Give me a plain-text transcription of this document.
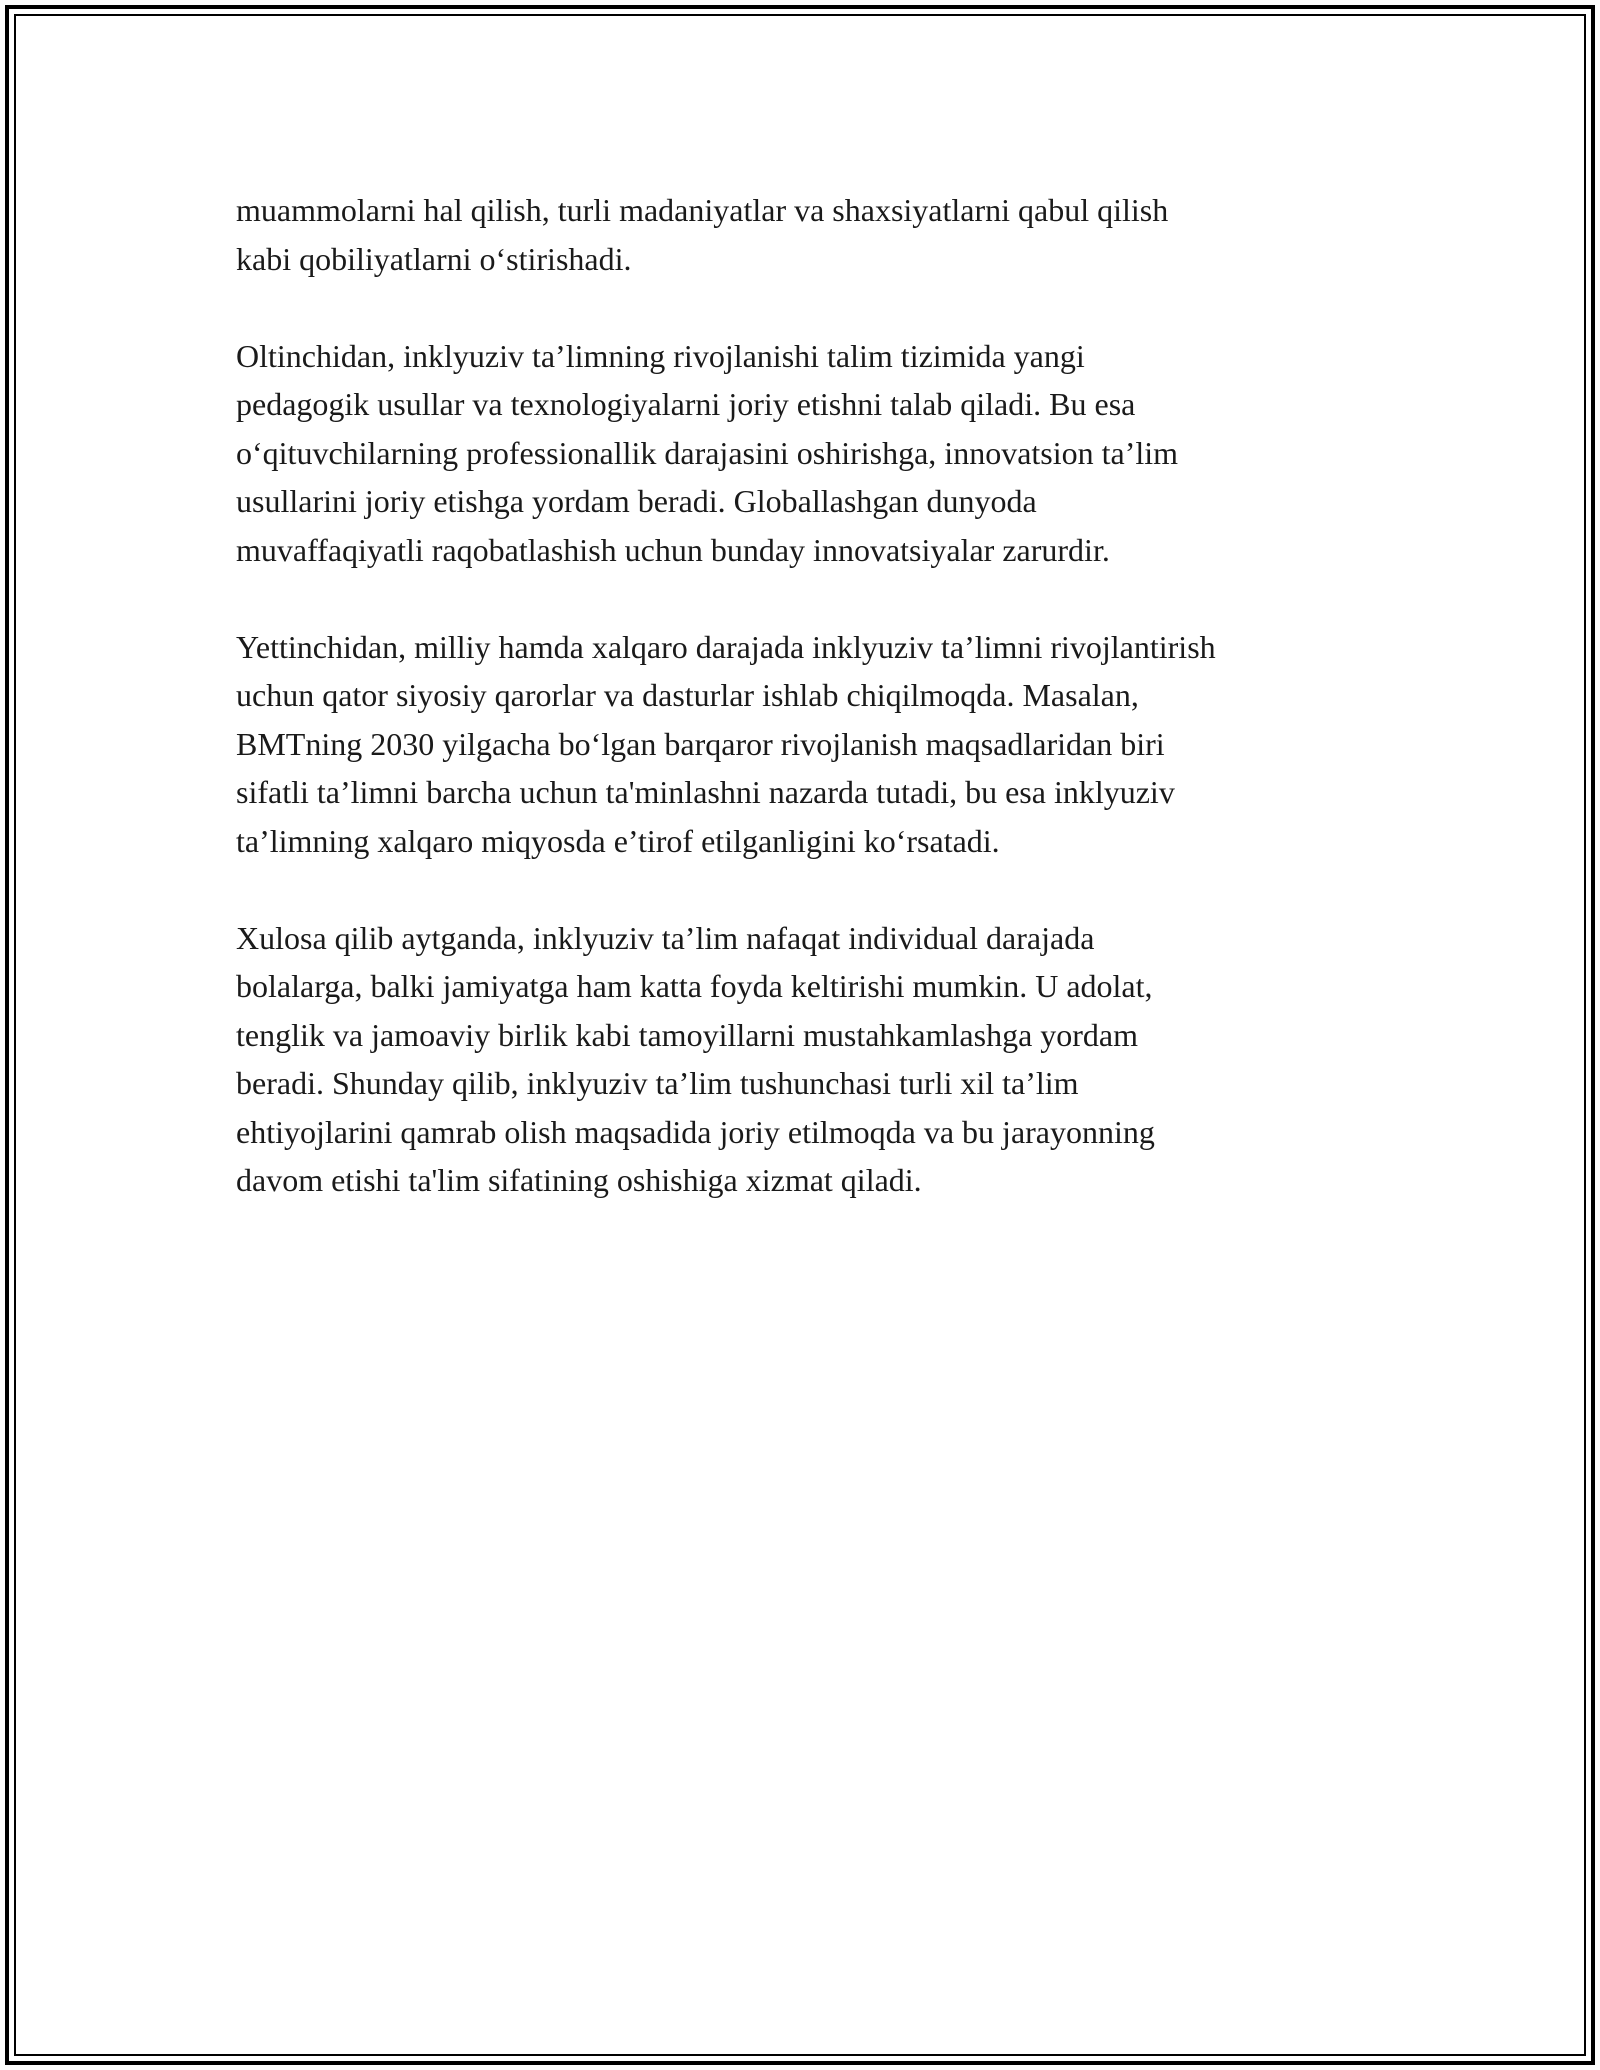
muammolarni hal qilish, turli madaniyatlar va shaxsiyatlarni qabul qilish
kabi qobiliyatlarni o‘stirishadi.

Oltinchidan, inklyuziv ta’limning rivojlanishi talim tizimida yangi
pedagogik usullar va texnologiyalarni joriy etishni talab qiladi. Bu esa
o‘qituvchilarning professionallik darajasini oshirishga, innovatsion ta’lim
usullarini joriy etishga yordam beradi. Globallashgan dunyoda
muvaffaqiyatli raqobatlashish uchun bunday innovatsiyalar zarurdir.

Yettinchidan, milliy hamda xalqaro darajada inklyuziv ta’limni rivojlantirish
uchun qator siyosiy qarorlar va dasturlar ishlab chiqilmoqda. Masalan,
BMTning 2030 yilgacha bo‘lgan barqaror rivojlanish maqsadlaridan biri
sifatli ta’limni barcha uchun ta'minlashni nazarda tutadi, bu esa inklyuziv
ta’limning xalqaro miqyosda e’tirof etilganligini ko‘rsatadi.

Xulosa qilib aytganda, inklyuziv ta’lim nafaqat individual darajada
bolalarga, balki jamiyatga ham katta foyda keltirishi mumkin. U adolat,
tenglik va jamoaviy birlik kabi tamoyillarni mustahkamlashga yordam
beradi. Shunday qilib, inklyuziv ta’lim tushunchasi turli xil ta’lim
ehtiyojlarini qamrab olish maqsadida joriy etilmoqda va bu jarayonning
davom etishi ta'lim sifatining oshishiga xizmat qiladi.
